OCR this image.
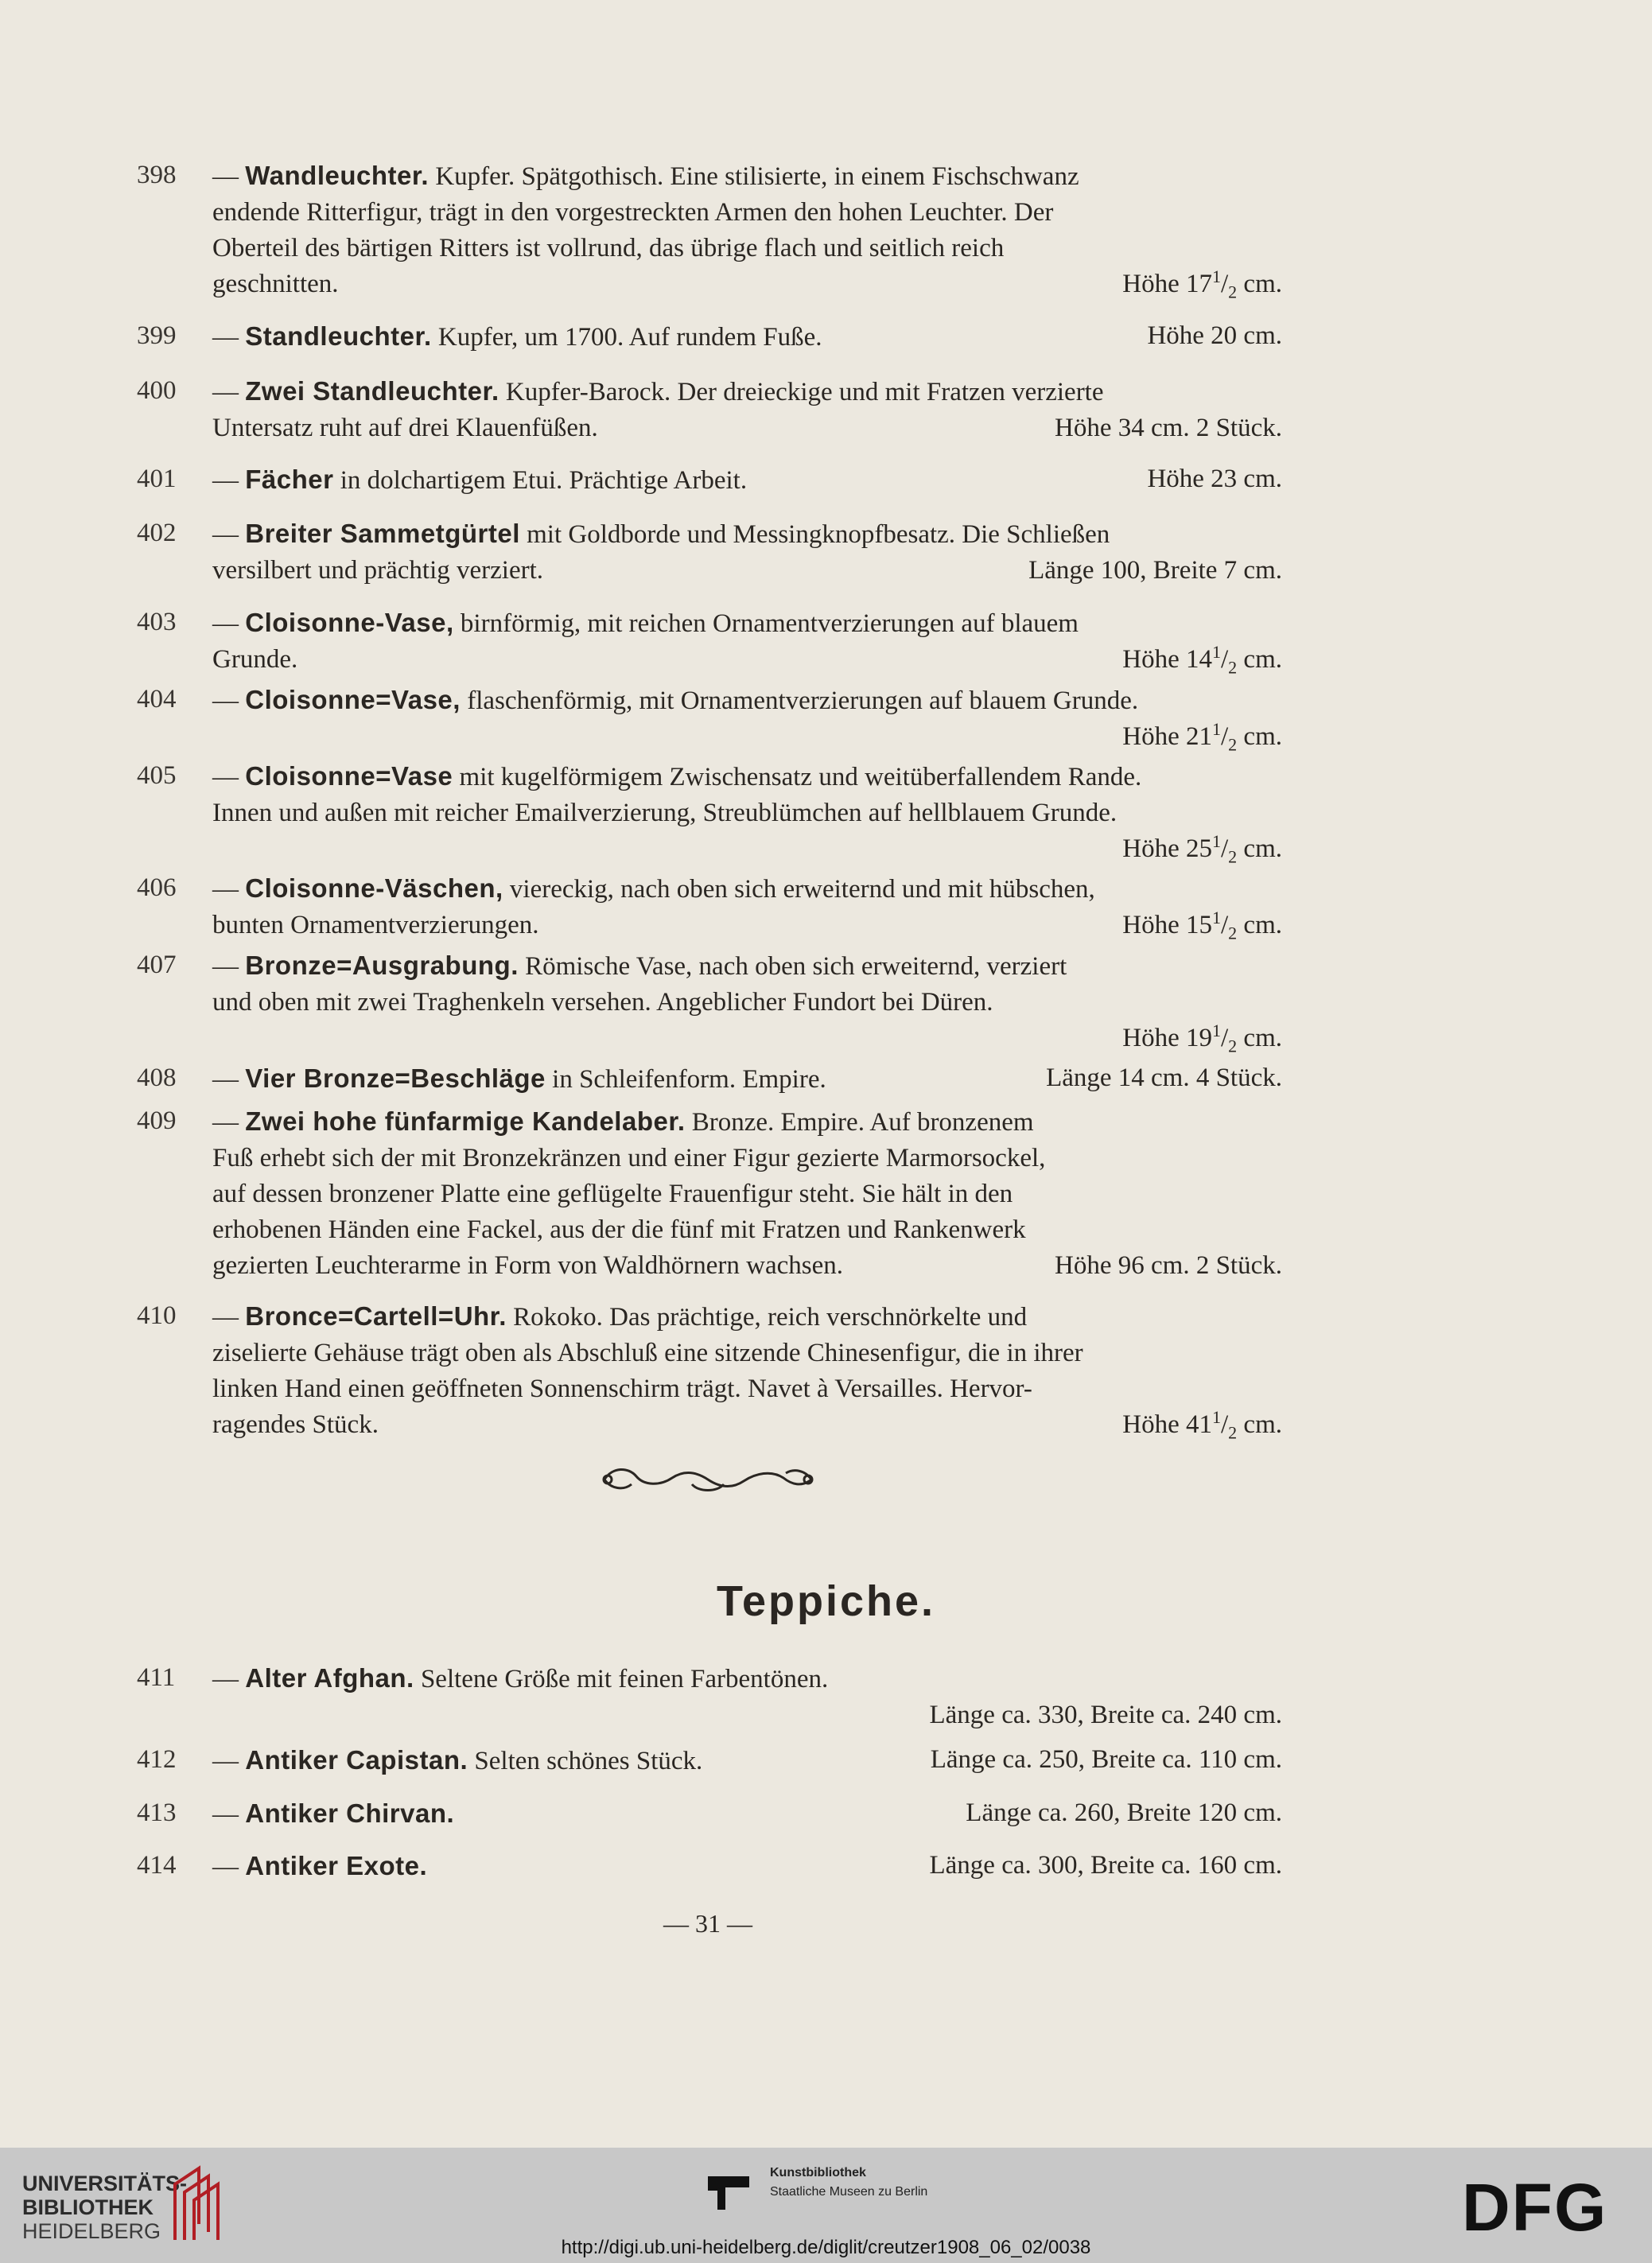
398	— Wandleuchter. Kupfer. Spätgothisch. Eine stilisierte, in einem Fischschwanz
endende Ritterfigur, trägt in den vorgestreckten Armen den hohen Leuchter. Der
Oberteil des bärtigen Ritters ist vollrund, das übrige flach und seitlich reich
geschnitten.	Höhe $17^1/_2$ cm.
399	— Standleuchter. Kupfer, um 1700. Auf rundem Fuße.	Höhe 20 cm.
400	— Zwei Standleuchter. Kupfer-Barock. Der dreieckige und mit Fratzen verzierte
Untersatz ruht auf drei Klauenfüßen.	Höhe 34 cm. 2 Stück.
401	— Fächer in dolchartigem Etui. Prächtige Arbeit.	Höhe 23 cm.
402	— Breiter Sammetgürtel mit Goldborde und Messingknopfbesatz. Die Schließen
versilbert und prächtig verziert.	Länge 100, Breite 7 cm.
403	— Cloisonne-Vase, birnförmig, mit reichen Ornamentverzierungen auf blauem
Grunde.	Höhe $14^1/_2$ cm.
404	— Cloisonne=Vase, flaschenförmig, mit Ornamentverzierungen auf blauem Grunde.
Höhe $21^1/_2$ cm.
405	— Cloisonne=Vase mit kugelförmigem Zwischensatz und weitüberfallendem Rande.
Innen und außen mit reicher Emailverzierung, Streublümchen auf hellblauem Grunde.
Höhe $25^1/_2$ cm.
406	— Cloisonne-Väschen, viereckig, nach oben sich erweiternd und mit hübschen,
bunten Ornamentverzierungen.	Höhe $15^1/_2$ cm.
407	— Bronze=Ausgrabung. Römische Vase, nach oben sich erweiternd, verziert
und oben mit zwei Traghenkeln versehen. Angeblicher Fundort bei Düren.
Höhe $19^1/_2$ cm.
408	— Vier Bronze=Beschläge in Schleifenform. Empire.	Länge 14 cm. 4 Stück.
409	— Zwei hohe fünfarmige Kandelaber. Bronze. Empire. Auf bronzenem
Fuß erhebt sich der mit Bronzekränzen und einer Figur gezierte Marmorsockel,
auf dessen bronzener Platte eine geflügelte Frauenfigur steht. Sie hält in den
erhobenen Händen eine Fackel, aus der die fünf mit Fratzen und Rankenwerk
gezierten Leuchterarme in Form von Waldhörnern wachsen.	Höhe 96 cm. 2 Stück.
410	— Bronce=Cartell=Uhr. Rokoko. Das prächtige, reich verschnörkelte und
ziselierte Gehäuse trägt oben als Abschluß eine sitzende Chinesenfigur, die in ihrer
linken Hand einen geöffneten Sonnenschirm trägt. Navet à Versailles. Hervor-
ragendes Stück.	Höhe $41^1/_2$ cm.
Teppiche.
411	— Alter Afghan. Seltene Größe mit feinen Farbentönen.
Länge ca. 330, Breite ca. 240 cm.
412	— Antiker Capistan. Selten schönes Stück.	Länge ca. 250, Breite ca. 110 cm.
413	— Antiker Chirvan.	Länge ca. 260, Breite 120 cm.
414	— Antiker Exote.	Länge ca. 300, Breite ca. 160 cm.
— 31 —
UNIVERSITÄTS-
BIBLIOTHEK
HEIDELBERG
Kunstbibliothek
Staatliche Museen zu Berlin	DFG
http://digi.ub.uni-heidelberg.de/diglit/creutzer1908_06_02/0038
